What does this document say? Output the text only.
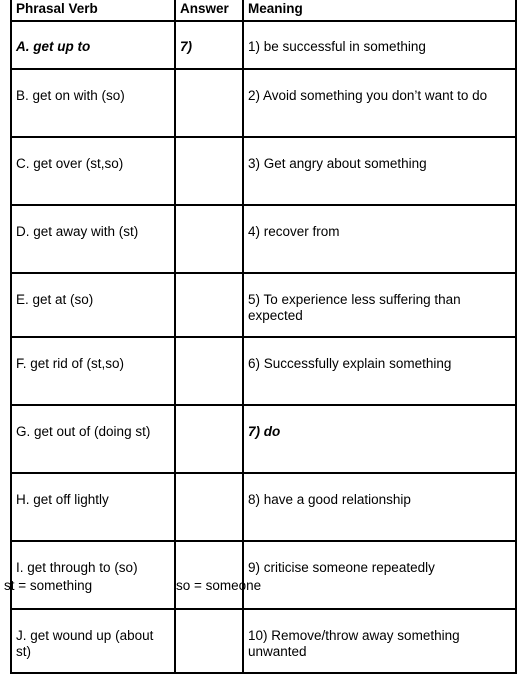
Phrasal Verb	Answer	Meaning
A. get up to	7)	1) be successful in something
B. get on with (so)		2) Avoid something you don’t want to do
C. get over (st,so)		3) Get angry about something
D. get away with (st)		4) recover from
E. get at (so)		5) To experience less suffering than expected
F. get rid of (st,so)		6) Successfully explain something
G. get out of (doing st)		7) do
H. get off lightly		8) have a good relationship
I. get through to (so)		9) criticise someone repeatedly
J. get wound up (about st)		10) Remove/throw away something unwanted
st = something	so = someone
